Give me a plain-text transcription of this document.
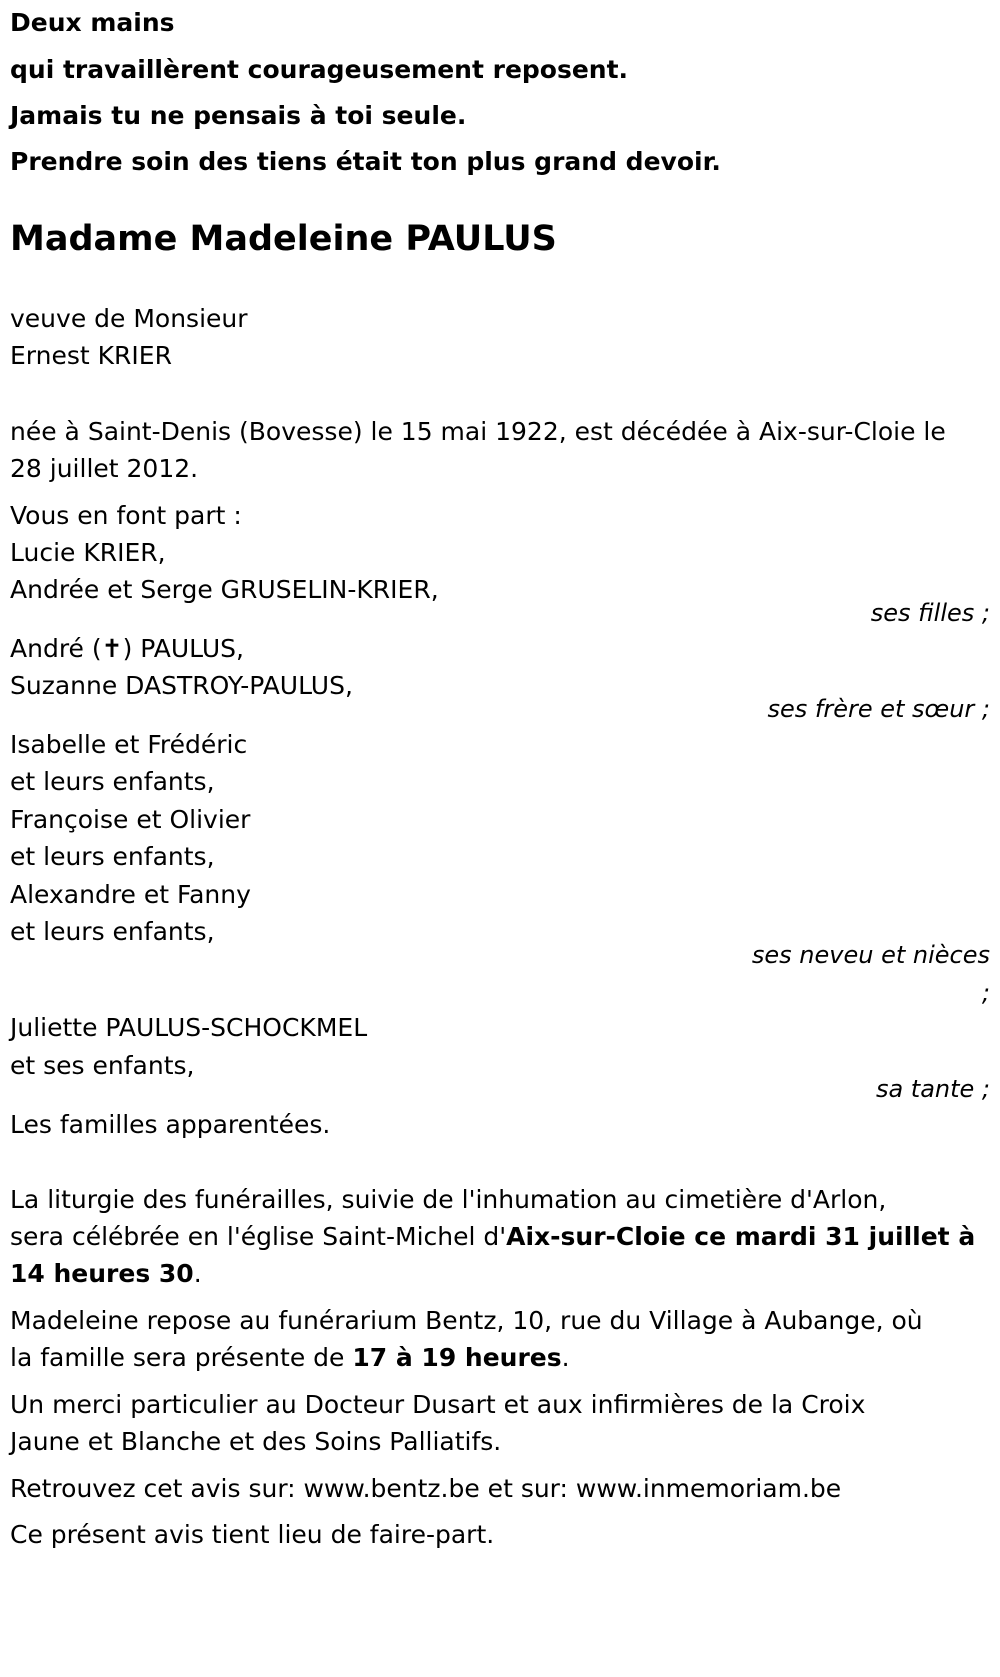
Deux mains
qui travaillèrent courageusement reposent.
Jamais tu ne pensais à toi seule.
Prendre soin des tiens était ton plus grand devoir.
Madame Madeleine PAULUS
veuve de Monsieur
Ernest KRIER
née à Saint-Denis (Bovesse) le 15 mai 1922, est décédée à Aix-sur-Cloie le
28 juillet 2012.
Vous en font part :
Lucie KRIER,
Andrée et Serge GRUSELIN-KRIER,
ses filles ;
André (✝) PAULUS,
Suzanne DASTROY-PAULUS,
ses frère et sœur ;
Isabelle et Frédéric
et leurs enfants,
Françoise et Olivier
et leurs enfants,
Alexandre et Fanny
et leurs enfants,
ses neveu et nièces
;
Juliette PAULUS-SCHOCKMEL
et ses enfants,
sa tante ;
Les familles apparentées.
La liturgie des funérailles, suivie de l'inhumation au cimetière d'Arlon,
sera célébrée en l'église Saint-Michel d'Aix-sur-Cloie ce mardi 31 juillet à
14 heures 30.
Madeleine repose au funérarium Bentz, 10, rue du Village à Aubange, où
la famille sera présente de 17 à 19 heures.
Un merci particulier au Docteur Dusart et aux infirmières de la Croix
Jaune et Blanche et des Soins Palliatifs.
Retrouvez cet avis sur: www.bentz.be et sur: www.inmemoriam.be
Ce présent avis tient lieu de faire-part.
